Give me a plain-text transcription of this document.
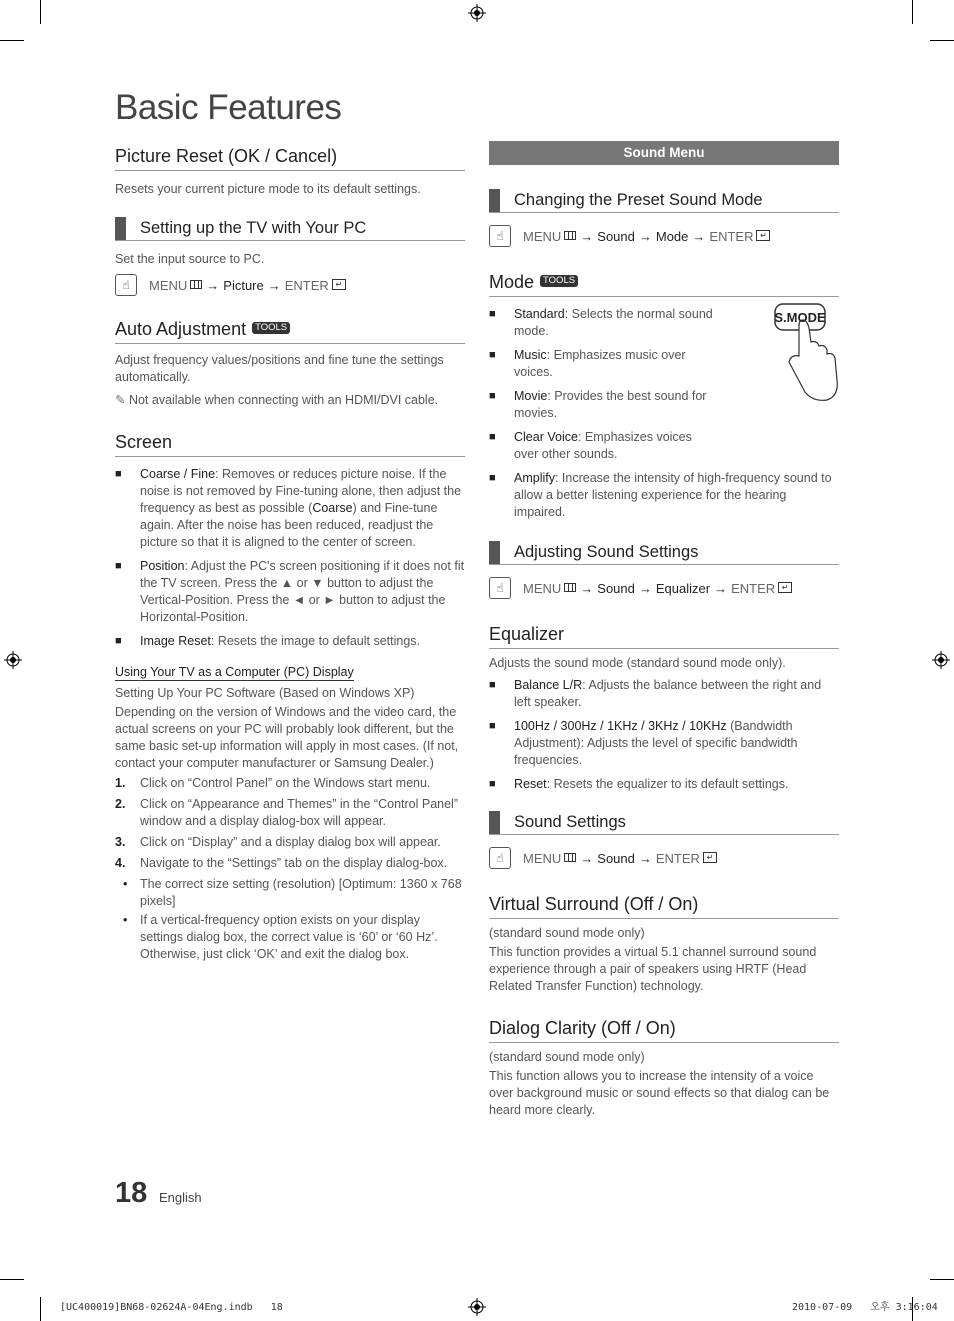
Basic Features
Picture Reset (OK / Cancel)

Resets your current picture mode to its default settings.

Setting up the TV with Your PC

Set the input source to PC.

☝	MENU → Picture → ENTER ↵
Auto Adjustment TOOLS

Adjust frequency values/positions and fine tune the settings automatically.

✎ Not available when connecting with an HDMI/DVI cable.

Screen
■ Coarse / Fine: Removes or reduces picture noise. If the noise is not removed by Fine-tuning alone, then adjust the frequency as best as possible (Coarse) and Fine-tune again. After the noise has been reduced, readjust the picture so that it is aligned to the center of screen.
■ Position: Adjust the PC's screen positioning if it does not fit the TV screen. Press the ▲ or ▼ button to adjust the Vertical-Position. Press the ◄ or ► button to adjust the Horizontal-Position.
■ Image Reset: Resets the image to default settings.
Using Your TV as a Computer (PC) Display

Setting Up Your PC Software (Based on Windows XP)

Depending on the version of Windows and the video card, the actual screens on your PC will probably look different, but the same basic set-up information will apply in most cases. (If not, contact your computer manufacturer or Samsung Dealer.)

1. Click on “Control Panel” on the Windows start menu.
2. Click on “Appearance and Themes” in the “Control Panel” window and a display dialog-box will appear.
3. Click on “Display” and a display dialog box will appear.
4. Navigate to the “Settings” tab on the display dialog-box.
• The correct size setting (resolution) [Optimum: 1360 x 768 pixels]
• If a vertical-frequency option exists on your display settings dialog box, the correct value is ‘60’ or ‘60 Hz’. Otherwise, just click ‘OK’ and exit the dialog box.
Sound Menu
Changing the Preset Sound Mode
☝	MENU → Sound → Mode → ENTER ↵
Mode TOOLS
S.MODE
■ Standard: Selects the normal sound mode.
■ Music: Emphasizes music over voices.
■ Movie: Provides the best sound for movies.
■ Clear Voice: Emphasizes voices over other sounds.
■ Amplify: Increase the intensity of high-frequency sound to allow a better listening experience for the hearing impaired.
Adjusting Sound Settings
☝	MENU → Sound → Equalizer → ENTER ↵
Equalizer

Adjusts the sound mode (standard sound mode only).

■ Balance L/R: Adjusts the balance between the right and left speaker.
■ 100Hz / 300Hz / 1KHz / 3KHz / 10KHz (Bandwidth Adjustment): Adjusts the level of specific bandwidth frequencies.
■ Reset: Resets the equalizer to its default settings.
Sound Settings
☝	MENU → Sound → ENTER ↵
Virtual Surround (Off / On)

(standard sound mode only)

This function provides a virtual 5.1 channel surround sound experience through a pair of speakers using HRTF (Head Related Transfer Function) technology.

Dialog Clarity (Off / On)

(standard sound mode only)

This function allows you to increase the intensity of a voice over background music or sound effects so that dialog can be heard more clearly.

18 English
[UC400019]BN68-02624A-04Eng.indb   18	2010-07-09   오후 3:16:04
